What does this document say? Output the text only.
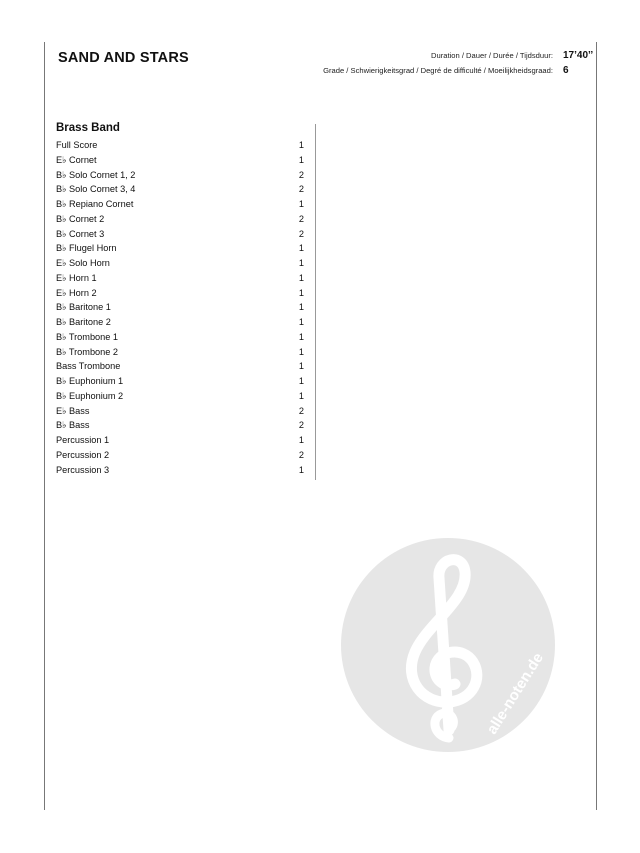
SAND AND STARS	Duration / Dauer / Durée / Tijdsduur:	17’40’’
Grade / Schwierigkeitsgrad / Degré de difficulté / Moeilijkheidsgraad:	6
Brass Band
Full Score	1
E♭ Cornet	1
B♭ Solo Cornet 1, 2	2
B♭ Solo Cornet 3, 4	2
B♭ Repiano Cornet	1
B♭ Cornet 2	2
B♭ Cornet 3	2
B♭ Flugel Horn	1
E♭ Solo Horn	1
E♭ Horn 1	1
E♭ Horn 2	1
B♭ Baritone 1	1
B♭ Baritone 2	1
B♭ Trombone 1	1
B♭ Trombone 2	1
Bass Trombone	1
B♭ Euphonium 1	1
B♭ Euphonium 2	1
E♭ Bass	2
B♭ Bass	2
Percussion 1	1
Percussion 2	2
Percussion 3	1
alle-noten.de
